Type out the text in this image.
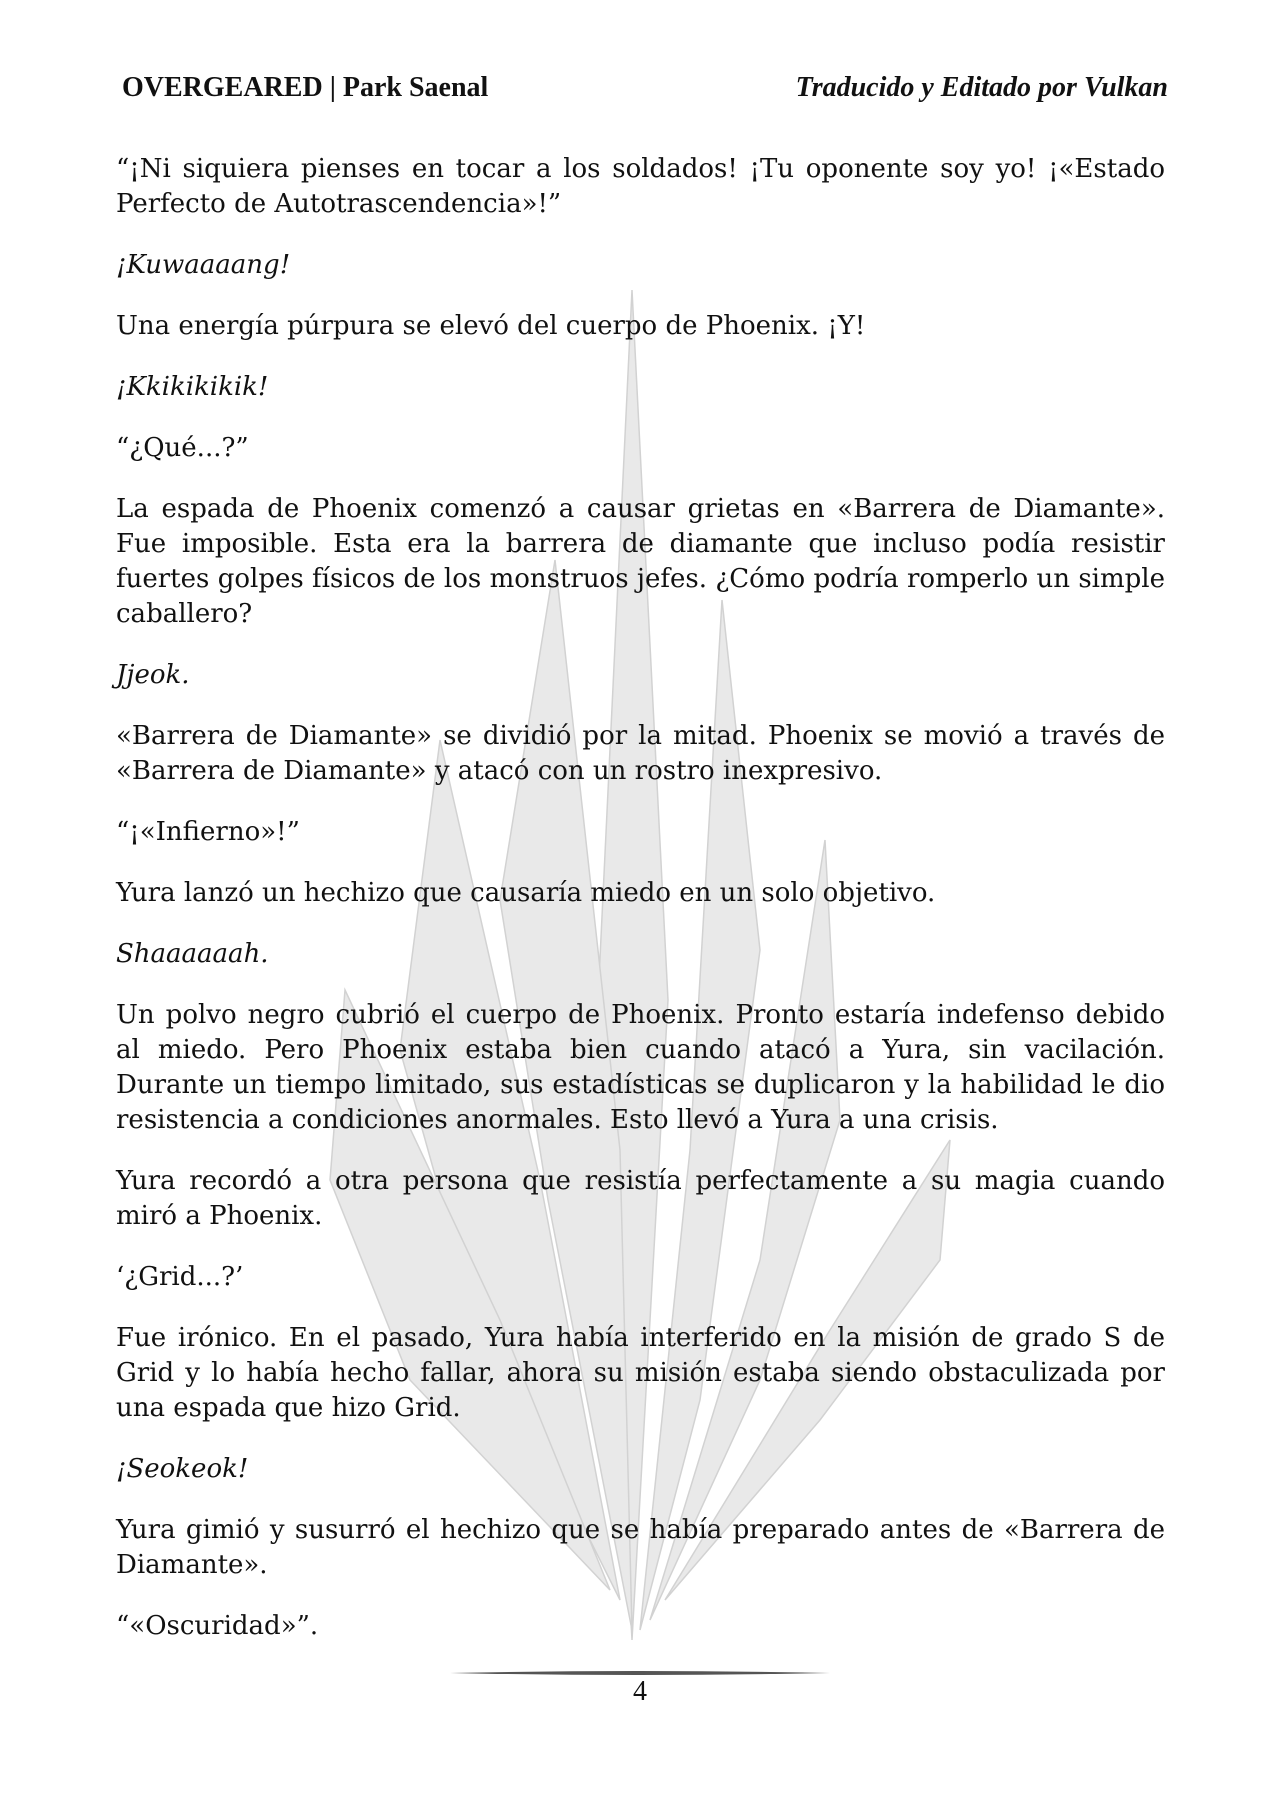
OVERGEARED | Park Saenal	Traducido y Editado por Vulkan

“¡Ni siquiera pienses en tocar a los soldados! ¡Tu oponente soy yo! ¡«Estado Perfecto de Autotrascendencia»!”

¡Kuwaaaang!

Una energía púrpura se elevó del cuerpo de Phoenix. ¡Y!

¡Kkikikikik!

“¿Qué...?”

La espada de Phoenix comenzó a causar grietas en «Barrera de Diamante». Fue imposible. Esta era la barrera de diamante que incluso podía resistir fuertes golpes físicos de los monstruos jefes. ¿Cómo podría romperlo un simple caballero?

Jjeok.

«Barrera de Diamante» se dividió por la mitad. Phoenix se movió a través de «Barrera de Diamante» y atacó con un rostro inexpresivo.

“¡«Infierno»!”

Yura lanzó un hechizo que causaría miedo en un solo objetivo.

Shaaaaaah.

Un polvo negro cubrió el cuerpo de Phoenix. Pronto estaría indefenso debido al miedo. Pero Phoenix estaba bien cuando atacó a Yura, sin vacilación. Durante un tiempo limitado, sus estadísticas se duplicaron y la habilidad le dio resistencia a condiciones anormales. Esto llevó a Yura a una crisis.

Yura recordó a otra persona que resistía perfectamente a su magia cuando miró a Phoenix.

‘¿Grid...?’

Fue irónico. En el pasado, Yura había interferido en la misión de grado S de Grid y lo había hecho fallar, ahora su misión estaba siendo obstaculizada por una espada que hizo Grid.

¡Seokeok!

Yura gimió y susurró el hechizo que se había preparado antes de «Barrera de Diamante».

“«Oscuridad»”.

4
